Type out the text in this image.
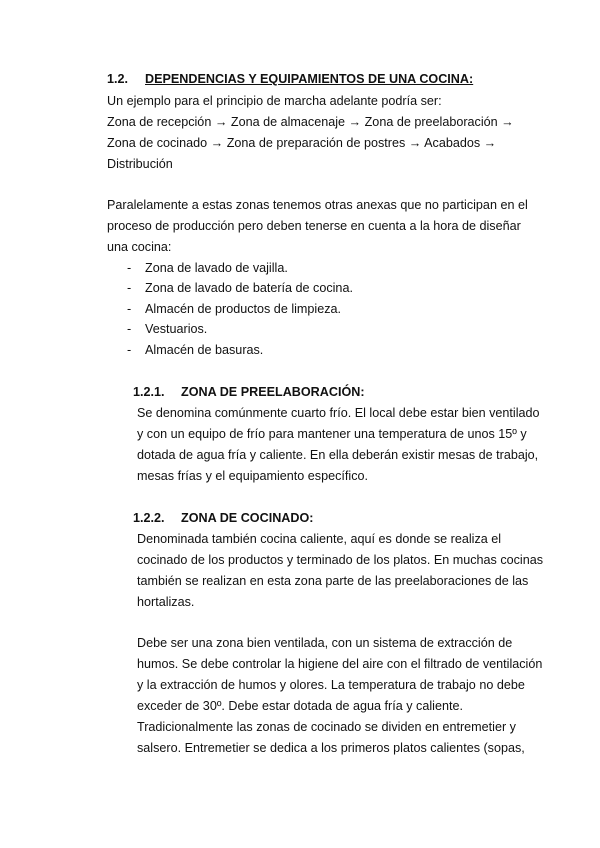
1.2. DEPENDENCIAS Y EQUIPAMIENTOS DE UNA COCINA:
Un ejemplo para el principio de marcha adelante podría ser:
Zona de recepción → Zona de almacenaje → Zona de preelaboración →
Zona de cocinado → Zona de preparación de postres → Acabados →
Distribución
Paralelamente a estas zonas tenemos otras anexas que no participan en el
proceso de producción pero deben tenerse en cuenta a la hora de diseñar
una cocina:
- Zona de lavado de vajilla.
- Zona de lavado de batería de cocina.
- Almacén de productos de limpieza.
- Vestuarios.
- Almacén de basuras.
1.2.1. ZONA DE PREELABORACIÓN:
Se denomina comúnmente cuarto frío. El local debe estar bien ventilado
y con un equipo de frío para mantener una temperatura de unos 15º y
dotada de agua fría y caliente. En ella deberán existir mesas de trabajo,
mesas frías y el equipamiento específico.
1.2.2. ZONA DE COCINADO:
Denominada también cocina caliente, aquí es donde se realiza el
cocinado de los productos y terminado de los platos. En muchas cocinas
también se realizan en esta zona parte de las preelaboraciones de las
hortalizas.
Debe ser una zona bien ventilada, con un sistema de extracción de
humos. Se debe controlar la higiene del aire con el filtrado de ventilación
y la extracción de humos y olores. La temperatura de trabajo no debe
exceder de 30º. Debe estar dotada de agua fría y caliente.
Tradicionalmente las zonas de cocinado se dividen en entremetier y
salsero. Entremetier se dedica a los primeros platos calientes (sopas,
